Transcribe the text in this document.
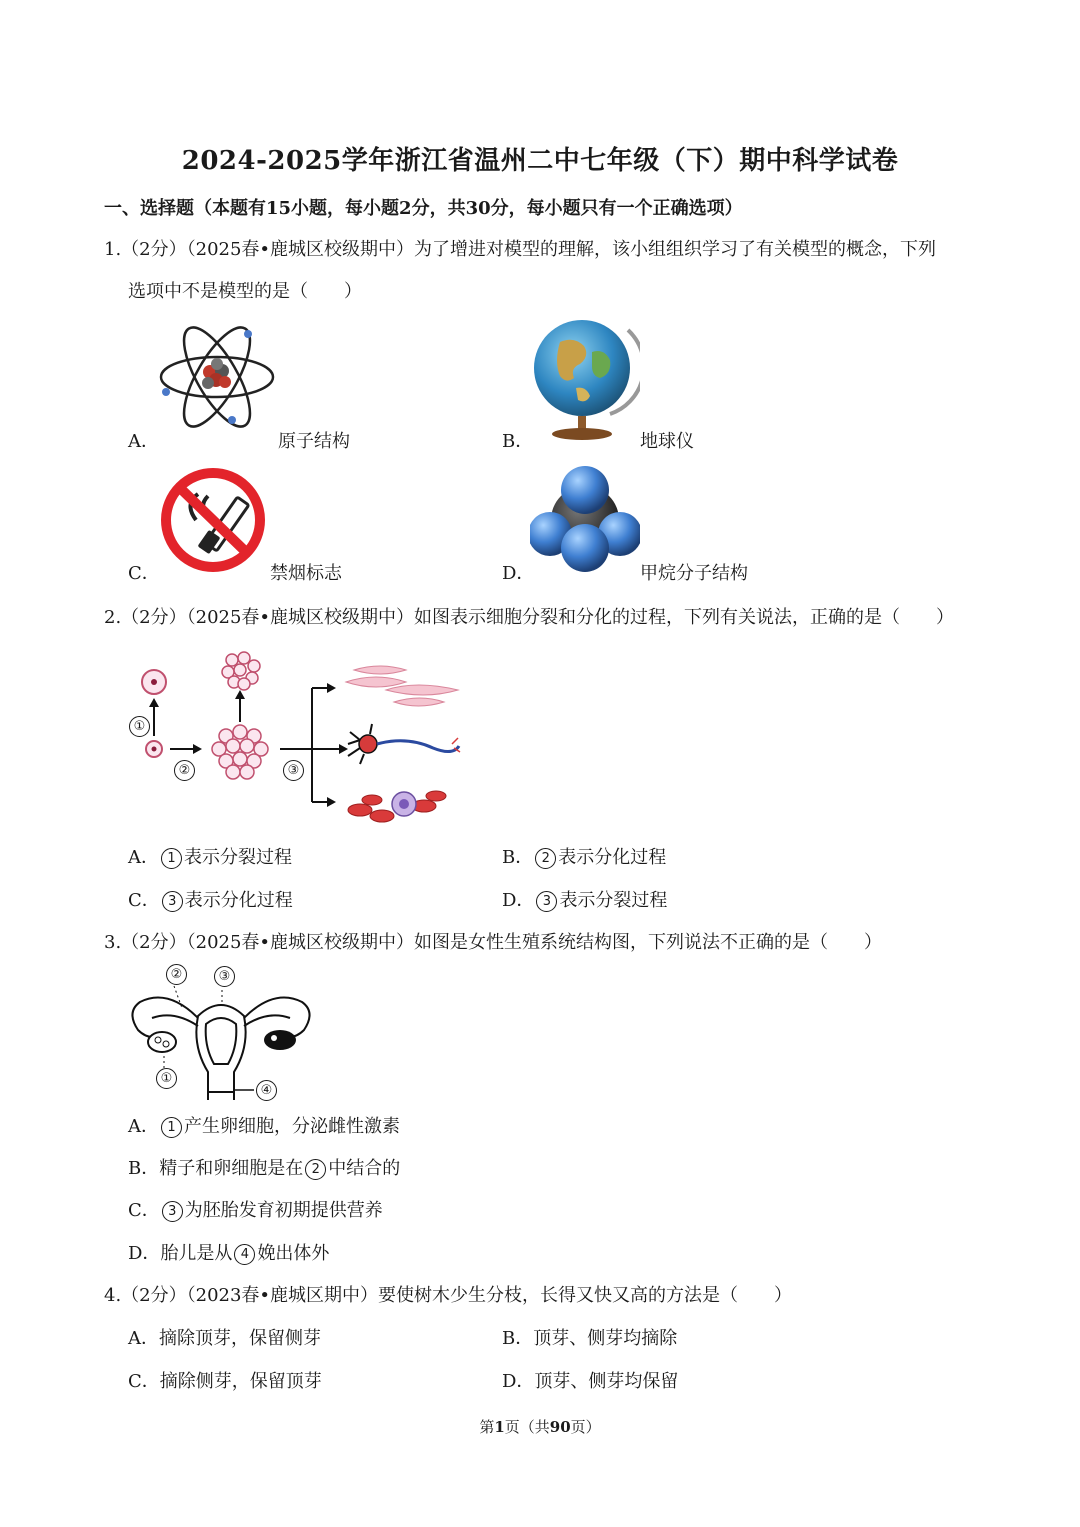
2024-2025学年浙江省温州二中七年级（下）期中科学试卷
一、选择题（本题有15小题，每小题2分，共30分，每小题只有一个正确选项）
1.（2分）（2025春•鹿城区校级期中）为了增进对模型的理解，该小组组织学习了有关模型的概念，下列
选项中不是模型的是（　　）
A．	原子结构	B．	地球仪
C．	禁烟标志	D．	甲烷分子结构
2.（2分）（2025春•鹿城区校级期中）如图表示细胞分裂和分化的过程，下列有关说法，正确的是（　　）
①
②	③
A． 1 表示分裂过程	B． 2 表示分化过程
C． 3 表示分化过程	D． 3 表示分裂过程
3.（2分）（2025春•鹿城区校级期中）如图是女性生殖系统结构图，下列说法不正确的是（　　）
②	③
①
④
A． 1 产生卵细胞，分泌雌性激素
B．精子和卵细胞是在 2 中结合的
C． 3 为胚胎发育初期提供营养
D．胎儿是从 4 娩出体外
4.（2分）（2023春•鹿城区期中）要使树木少生分枝，长得又快又高的方法是（　　）
A．摘除顶芽，保留侧芽	B．顶芽、侧芽均摘除
C．摘除侧芽，保留顶芽	D．顶芽、侧芽均保留
第1页（共90页）
